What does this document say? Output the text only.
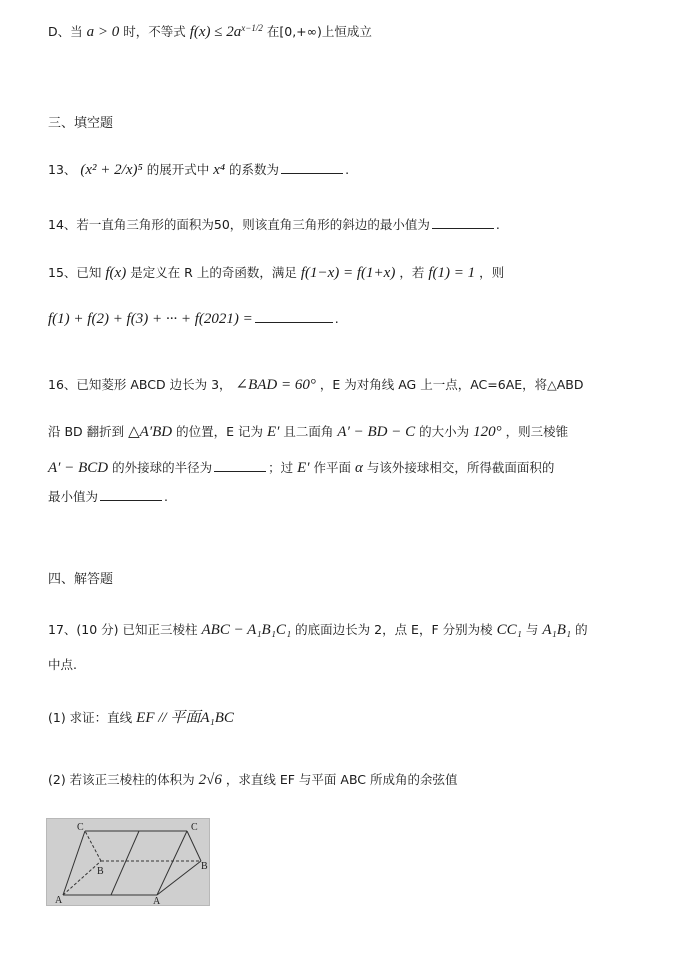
D、当 a > 0 时，不等式 $f(x) \le 2a^{x-1/2}$ 在[0,+∞)上恒成立
三、填空题
13、 (x² + 2/x)⁵ 的展开式中 x⁴ 的系数为	.
14、若一直角三角形的面积为50，则该直角三角形的斜边的最小值为	.
15、已知 f(x) 是定义在 R 上的奇函数，满足 f(1−x) = f(1+x) ，若 f(1) = 1 ，则
f(1) + f(2) + f(3) + ··· + f(2021) =	.
16、已知菱形 ABCD 边长为 3， ∠BAD = 60° ，E 为对角线 AG 上一点，AC=6AE，将△ABD
沿 BD 翻折到 △A′BD 的位置，E 记为 E′ 且二面角 A′ − BD − C 的大小为 120° ，则三棱锥
A′ − BCD 的外接球的半径为	；过 E′ 作平面 α 与该外接球相交，所得截面面积的
最小值为	.
四、解答题
17、(10 分) 已知正三棱柱 ABC − A₁B₁C₁ 的底面边长为 2，点 E，F 分别为棱 CC₁ 与 A₁B₁ 的
中点.
(1) 求证：直线 EF // 平面A₁BC
(2) 若该正三棱柱的体积为 2√6 ，求直线 EF 与平面 ABC 所成角的余弦值
C
A
B
C
A
B
